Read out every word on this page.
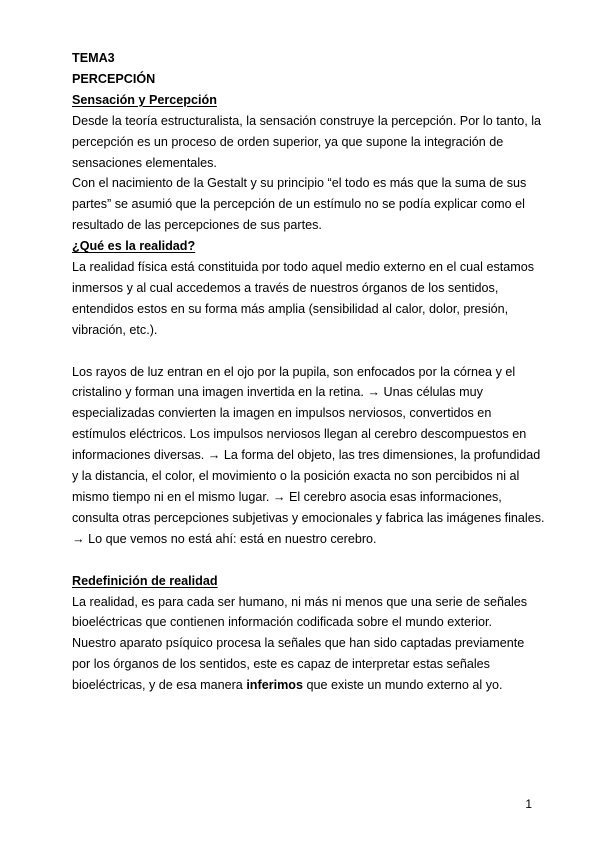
TEMA3
PERCEPCIÓN
Sensación y Percepción
Desde la teoría estructuralista, la sensación construye la percepción. Por lo tanto, la
percepción es un proceso de orden superior, ya que supone la integración de
sensaciones elementales.
Con el nacimiento de la Gestalt y su principio “el todo es más que la suma de sus
partes” se asumió que la percepción de un estímulo no se podía explicar como el
resultado de las percepciones de sus partes.
¿Qué es la realidad?
La realidad física está constituida por todo aquel medio externo en el cual estamos
inmersos y al cual accedemos a través de nuestros órganos de los sentidos,
entendidos estos en su forma más amplia (sensibilidad al calor, dolor, presión,
vibración, etc.).
Los rayos de luz entran en el ojo por la pupila, son enfocados por la córnea y el
cristalino y forman una imagen invertida en la retina. → Unas células muy
especializadas convierten la imagen en impulsos nerviosos, convertidos en
estímulos eléctricos. Los impulsos nerviosos llegan al cerebro descompuestos en
informaciones diversas. → La forma del objeto, las tres dimensiones, la profundidad
y la distancia, el color, el movimiento o la posición exacta no son percibidos ni al
mismo tiempo ni en el mismo lugar. → El cerebro asocia esas informaciones,
consulta otras percepciones subjetivas y emocionales y fabrica las imágenes finales.
→ Lo que vemos no está ahí: está en nuestro cerebro.
Redefinición de realidad
La realidad, es para cada ser humano, ni más ni menos que una serie de señales
bioeléctricas que contienen información codificada sobre el mundo exterior.
Nuestro aparato psíquico procesa la señales que han sido captadas previamente
por los órganos de los sentidos, este es capaz de interpretar estas señales
bioeléctricas, y de esa manera inferimos que existe un mundo externo al yo.
1
